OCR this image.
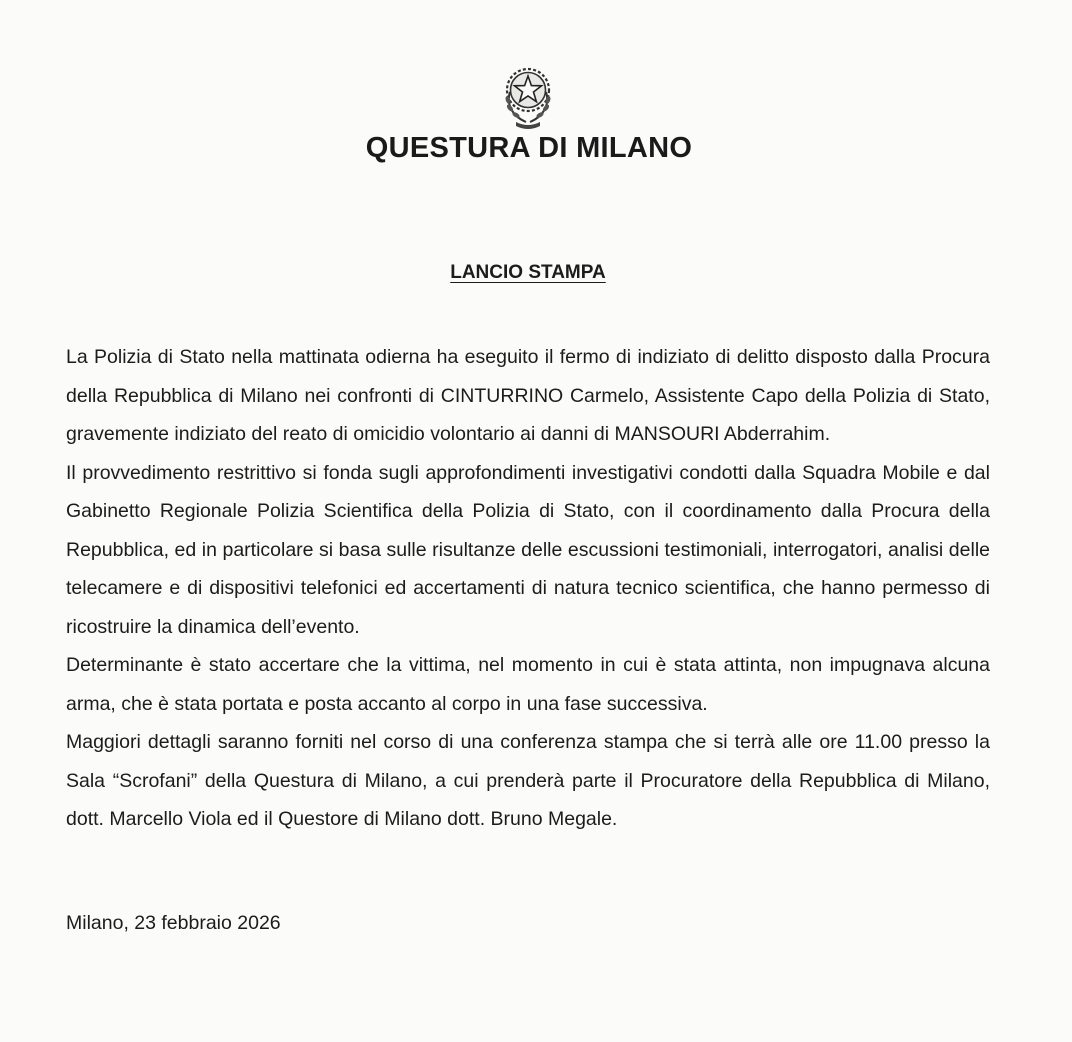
QUESTURA DI MILANO
LANCIO STAMPA

La Polizia di Stato nella mattinata odierna ha eseguito il fermo di indiziato di delitto disposto dalla Procura della Repubblica di Milano nei confronti di CINTURRINO Carmelo, Assistente Capo della Polizia di Stato, gravemente indiziato del reato di omicidio volontario ai danni di MANSOURI Abderrahim.

Il provvedimento restrittivo si fonda sugli approfondimenti investigativi condotti dalla Squadra Mobile e dal Gabinetto Regionale Polizia Scientifica della Polizia di Stato, con il coordinamento dalla Procura della Repubblica, ed in particolare si basa sulle risultanze delle escussioni testimoniali, interrogatori, analisi delle telecamere e di dispositivi telefonici ed accertamenti di natura tecnico scientifica, che hanno permesso di ricostruire la dinamica dell’evento.

Determinante è stato accertare che la vittima, nel momento in cui è stata attinta, non impugnava alcuna arma, che è stata portata e posta accanto al corpo in una fase successiva.

Maggiori dettagli saranno forniti nel corso di una conferenza stampa che si terrà alle ore 11.00 presso la Sala “Scrofani” della Questura di Milano, a cui prenderà parte il Procuratore della Repubblica di Milano, dott. Marcello Viola ed il Questore di Milano dott. Bruno Megale.

Milano, 23 febbraio 2026
